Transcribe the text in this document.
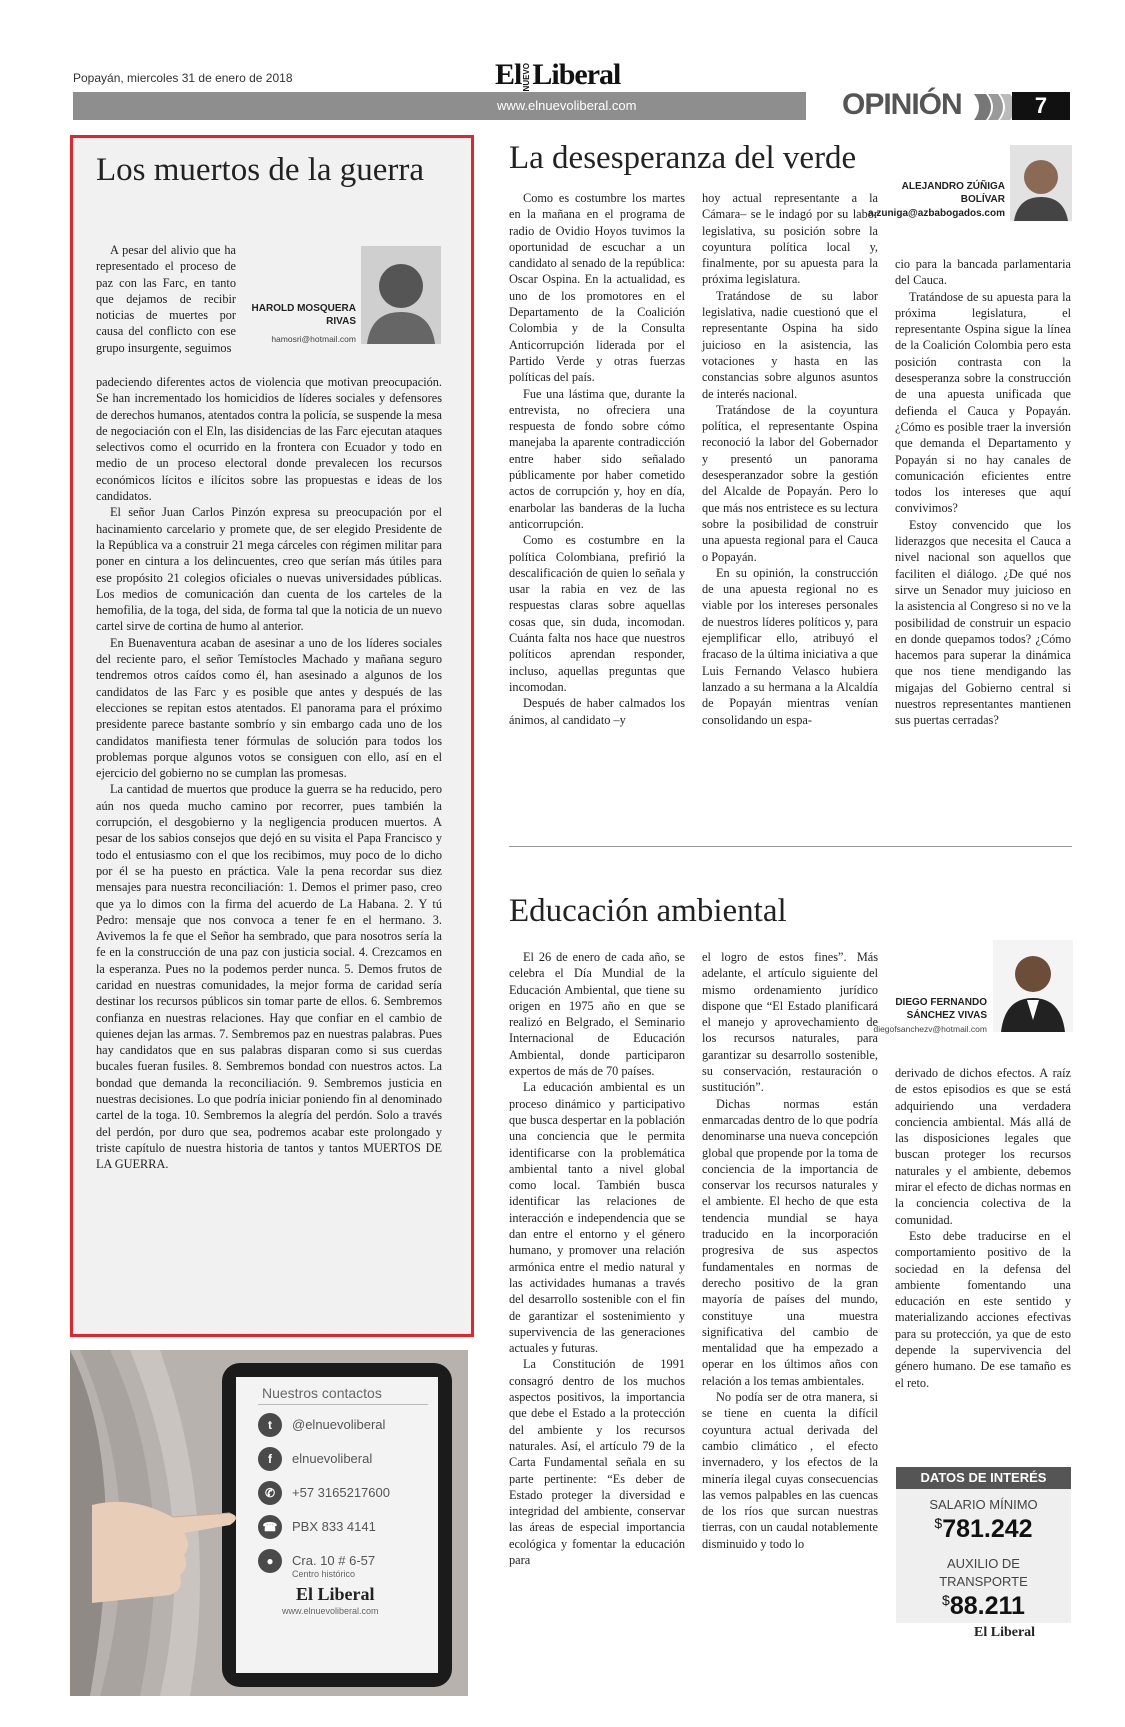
Popayán, miercoles 31 de enero de 2018	ElNUEVOLiberal
www.elnuevoliberal.com	OPINIÓN	7
Los muertos de la guerra

A pesar del alivio que ha representado el proceso de paz con las Farc, en tanto que dejamos de recibir noticias de muertes por causa del conflicto con ese grupo insurgente, seguimos

HAROLD MOSQUERA
RIVAS
hamosri@hotmail.com

padeciendo diferentes actos de violencia que motivan preocupación. Se han incrementado los homicidios de líderes sociales y defensores de derechos humanos, atentados contra la policía, se suspende la mesa de negociación con el Eln, las disidencias de las Farc ejecutan ataques selectivos como el ocurrido en la frontera con Ecuador y todo en medio de un proceso electoral donde prevalecen los recursos económicos lícitos e ilícitos sobre las propuestas e ideas de los candidatos.

El señor Juan Carlos Pinzón expresa su preocupación por el hacinamiento carcelario y promete que, de ser elegido Presidente de la República va a construir 21 mega cárceles con régimen militar para poner en cintura a los delincuentes, creo que serían más útiles para ese propósito 21 colegios oficiales o nuevas universidades públicas. Los medios de comunicación dan cuenta de los carteles de la hemofilia, de la toga, del sida, de forma tal que la noticia de un nuevo cartel sirve de cortina de humo al anterior.

En Buenaventura acaban de asesinar a uno de los líderes sociales del reciente paro, el señor Temístocles Machado y mañana seguro tendremos otros caídos como él, han asesinado a algunos de los candidatos de las Farc y es posible que antes y después de las elecciones se repitan estos atentados. El panorama para el próximo presidente parece bastante sombrío y sin embargo cada uno de los candidatos manifiesta tener fórmulas de solución para todos los problemas porque algunos votos se consiguen con ello, así en el ejercicio del gobierno no se cumplan las promesas.

La cantidad de muertos que produce la guerra se ha reducido, pero aún nos queda mucho camino por recorrer, pues también la corrupción, el desgobierno y la negligencia producen muertos. A pesar de los sabios consejos que dejó en su visita el Papa Francisco y todo el entusiasmo con el que los recibimos, muy poco de lo dicho por él se ha puesto en práctica. Vale la pena recordar sus diez mensajes para nuestra reconciliación: 1. Demos el primer paso, creo que ya lo dimos con la firma del acuerdo de La Habana. 2. Y tú Pedro: mensaje que nos convoca a tener fe en el hermano. 3. Avivemos la fe que el Señor ha sembrado, que para nosotros sería la fe en la construcción de una paz con justicia social. 4. Crezcamos en la esperanza. Pues no la podemos perder nunca. 5. Demos frutos de caridad en nuestras comunidades, la mejor forma de caridad sería destinar los recursos públicos sin tomar parte de ellos. 6. Sembremos confianza en nuestras relaciones. Hay que confiar en el cambio de quienes dejan las armas. 7. Sembremos paz en nuestras palabras. Pues hay candidatos que en sus palabras disparan como si sus cuerdas bucales fueran fusiles. 8. Sembremos bondad con nuestros actos. La bondad que demanda la reconciliación. 9. Sembremos justicia en nuestras decisiones. Lo que podría iniciar poniendo fin al denominado cartel de la toga. 10. Sembremos la alegría del perdón. Solo a través del perdón, por duro que sea, podremos acabar este prolongado y triste capítulo de nuestra historia de tantos y tantos MUERTOS DE LA GUERRA.

La desesperanza del verde
ALEJANDRO ZÚÑIGA
BOLÍVAR
a.zuniga@azbabogados.com

Como es costumbre los martes en la mañana en el programa de radio de Ovidio Hoyos tuvimos la oportunidad de escuchar a un candidato al senado de la república: Oscar Ospina. En la actualidad, es uno de los promotores en el Departamento de la Coalición Colombia y de la Consulta Anticorrupción liderada por el Partido Verde y otras fuerzas políticas del país.

Fue una lástima que, durante la entrevista, no ofreciera una respuesta de fondo sobre cómo manejaba la aparente contradicción entre haber sido señalado públicamente por haber cometido actos de corrupción y, hoy en día, enarbolar las banderas de la lucha anticorrupción.

Como es costumbre en la política Colombiana, prefirió la descalificación de quien lo señala y usar la rabia en vez de las respuestas claras sobre aquellas cosas que, sin duda, incomodan. Cuánta falta nos hace que nuestros políticos aprendan responder, incluso, aquellas preguntas que incomodan.

Después de haber calmados los ánimos, al candidato –y

hoy actual representante a la Cámara– se le indagó por su labor legislativa, su posición sobre la coyuntura política local y, finalmente, por su apuesta para la próxima legislatura.

Tratándose de su labor legislativa, nadie cuestionó que el representante Ospina ha sido juicioso en la asistencia, las votaciones y hasta en las constancias sobre algunos asuntos de interés nacional.

Tratándose de la coyuntura política, el representante Ospina reconoció la labor del Gobernador y presentó un panorama desesperanzador sobre la gestión del Alcalde de Popayán. Pero lo que más nos entristece es su lectura sobre la posibilidad de construir una apuesta regional para el Cauca o Popayán.

En su opinión, la construcción de una apuesta regional no es viable por los intereses personales de nuestros líderes políticos y, para ejemplificar ello, atribuyó el fracaso de la última iniciativa a que Luis Fernando Velasco hubiera lanzado a su hermana a la Alcaldía de Popayán mientras venían consolidando un espa-

cio para la bancada parlamentaria del Cauca.

Tratándose de su apuesta para la próxima legislatura, el representante Ospina sigue la línea de la Coalición Colombia pero esta posición contrasta con la desesperanza sobre la construcción de una apuesta unificada que defienda el Cauca y Popayán. ¿Cómo es posible traer la inversión que demanda el Departamento y Popayán si no hay canales de comunicación eficientes entre todos los intereses que aquí convivimos?

Estoy convencido que los liderazgos que necesita el Cauca a nivel nacional son aquellos que faciliten el diálogo. ¿De qué nos sirve un Senador muy juicioso en la asistencia al Congreso si no ve la posibilidad de construir un espacio en donde quepamos todos? ¿Cómo hacemos para superar la dinámica que nos tiene mendigando las migajas del Gobierno central si nuestros representantes mantienen sus puertas cerradas?

Educación ambiental
DIEGO FERNANDO
SÁNCHEZ VIVAS
diegofsanchezv@hotmail.com

El 26 de enero de cada año, se celebra el Día Mundial de la Educación Ambiental, que tiene su origen en 1975 año en que se realizó en Belgrado, el Seminario Internacional de Educación Ambiental, donde participaron expertos de más de 70 países.

La educación ambiental es un proceso dinámico y participativo que busca despertar en la población una conciencia que le permita identificarse con la problemática ambiental tanto a nivel global como local. También busca identificar las relaciones de interacción e independencia que se dan entre el entorno y el género humano, y promover una relación armónica entre el medio natural y las actividades humanas a través del desarrollo sostenible con el fin de garantizar el sostenimiento y supervivencia de las generaciones actuales y futuras.

La Constitución de 1991 consagró dentro de los muchos aspectos positivos, la importancia que debe el Estado a la protección del ambiente y los recursos naturales. Así, el artículo 79 de la Carta Fundamental señala en su parte pertinente: “Es deber de Estado proteger la diversidad e integridad del ambiente, conservar las áreas de especial importancia ecológica y fomentar la educación para

el logro de estos fines”. Más adelante, el artículo siguiente del mismo ordenamiento jurídico dispone que “El Estado planificará el manejo y aprovechamiento de los recursos naturales, para garantizar su desarrollo sostenible, su conservación, restauración o sustitución”.

Dichas normas están enmarcadas dentro de lo que podría denominarse una nueva concepción global que propende por la toma de conciencia de la importancia de conservar los recursos naturales y el ambiente. El hecho de que esta tendencia mundial se haya traducido en la incorporación progresiva de sus aspectos fundamentales en normas de derecho positivo de la gran mayoría de países del mundo, constituye una muestra significativa del cambio de mentalidad que ha empezado a operar en los últimos años con relación a los temas ambientales.

No podía ser de otra manera, si se tiene en cuenta la difícil coyuntura actual derivada del cambio climático , el efecto invernadero, y los efectos de la minería ilegal cuyas consecuencias las vemos palpables en las cuencas de los ríos que surcan nuestras tierras, con un caudal notablemente disminuido y todo lo

derivado de dichos efectos. A raíz de estos episodios es que se está adquiriendo una verdadera conciencia ambiental. Más allá de las disposiciones legales que buscan proteger los recursos naturales y el ambiente, debemos mirar el efecto de dichas normas en la conciencia colectiva de la comunidad.

Esto debe traducirse en el comportamiento positivo de la sociedad en la defensa del ambiente fomentando una educación en este sentido y materializando acciones efectivas para su protección, ya que de esto depende la supervivencia del género humano. De ese tamaño es el reto.

Nuestros contactos
t	@elnuevoliberal
f	elnuevoliberal
✆	+57 3165217600
☎	PBX 833 4141
●	Cra. 10 # 6-57
Centro histórico
El Liberal
www.elnuevoliberal.com
DATOS DE INTERÉS
SALARIO MÍNIMO
$781.242
AUXILIO DE
TRANSPORTE
$88.211
El Liberal
